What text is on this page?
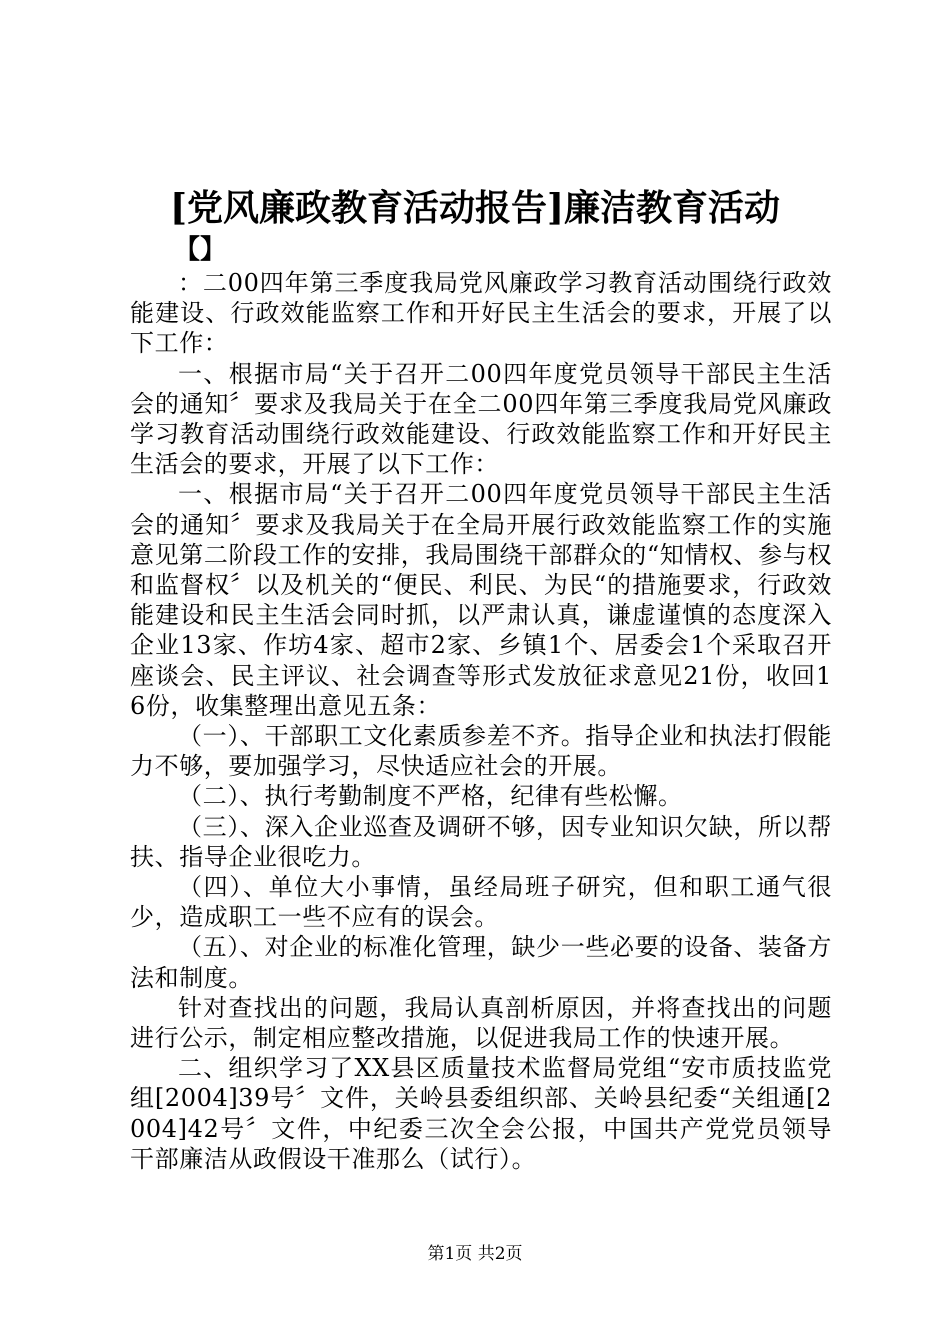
[党风廉政教育活动报告]廉洁教育活动
【】

：二00四年第三季度我局党风廉政学习教育活动围绕行政效能建设、行政效能监察工作和开好民主生活会的要求，开展了以下工作：

一、根据市局“关于召开二00四年度党员领导干部民主生活会的通知〞要求及我局关于在全二00四年第三季度我局党风廉政学习教育活动围绕行政效能建设、行政效能监察工作和开好民主生活会的要求，开展了以下工作：

一、根据市局“关于召开二00四年度党员领导干部民主生活会的通知〞要求及我局关于在全局开展行政效能监察工作的实施意见第二阶段工作的安排，我局围绕干部群众的“知情权、参与权和监督权〞以及机关的“便民、利民、为民“的措施要求，行政效能建设和民主生活会同时抓，以严肃认真，谦虚谨慎的态度深入企业13家、作坊4家、超市2家、乡镇1个、居委会1个采取召开座谈会、民主评议、社会调查等形式发放征求意见21份，收回16份，收集整理出意见五条：

（一）、干部职工文化素质参差不齐。指导企业和执法打假能力不够，要加强学习，尽快适应社会的开展。

（二）、执行考勤制度不严格，纪律有些松懈。

（三）、深入企业巡查及调研不够，因专业知识欠缺，所以帮扶、指导企业很吃力。

（四）、单位大小事情，虽经局班子研究，但和职工通气很少，造成职工一些不应有的误会。

（五）、对企业的标准化管理，缺少一些必要的设备、装备方法和制度。

针对查找出的问题，我局认真剖析原因，并将查找出的问题进行公示，制定相应整改措施，以促进我局工作的快速开展。

二、组织学习了XX县区质量技术监督局党组“安市质技监党组[2004]39号〞文件，关岭县委组织部、关岭县纪委“关组通[2004]42号〞文件，中纪委三次全会公报，中国共产党党员领导干部廉洁从政假设干准那么（试行）。

第1页 共2页
